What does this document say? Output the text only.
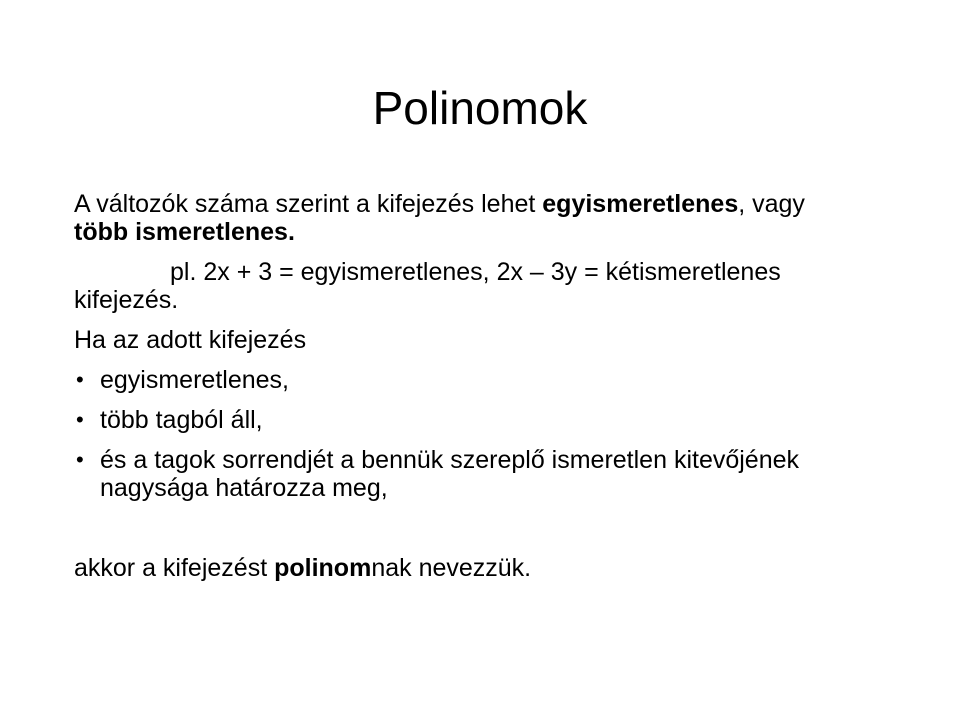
Polinomok

A változók száma szerint a kifejezés lehet egyismeretlenes, vagy több ismeretlenes.

pl. 2x + 3 = egyismeretlenes, 2x – 3y = kétismeretlenes kifejezés.

Ha az adott kifejezés

• egyismeretlenes,
• több tagból áll,
• és a tagok sorrendjét a bennük szereplő ismeretlen kitevőjének nagysága határozza meg,

akkor a kifejezést polinomnak nevezzük.
